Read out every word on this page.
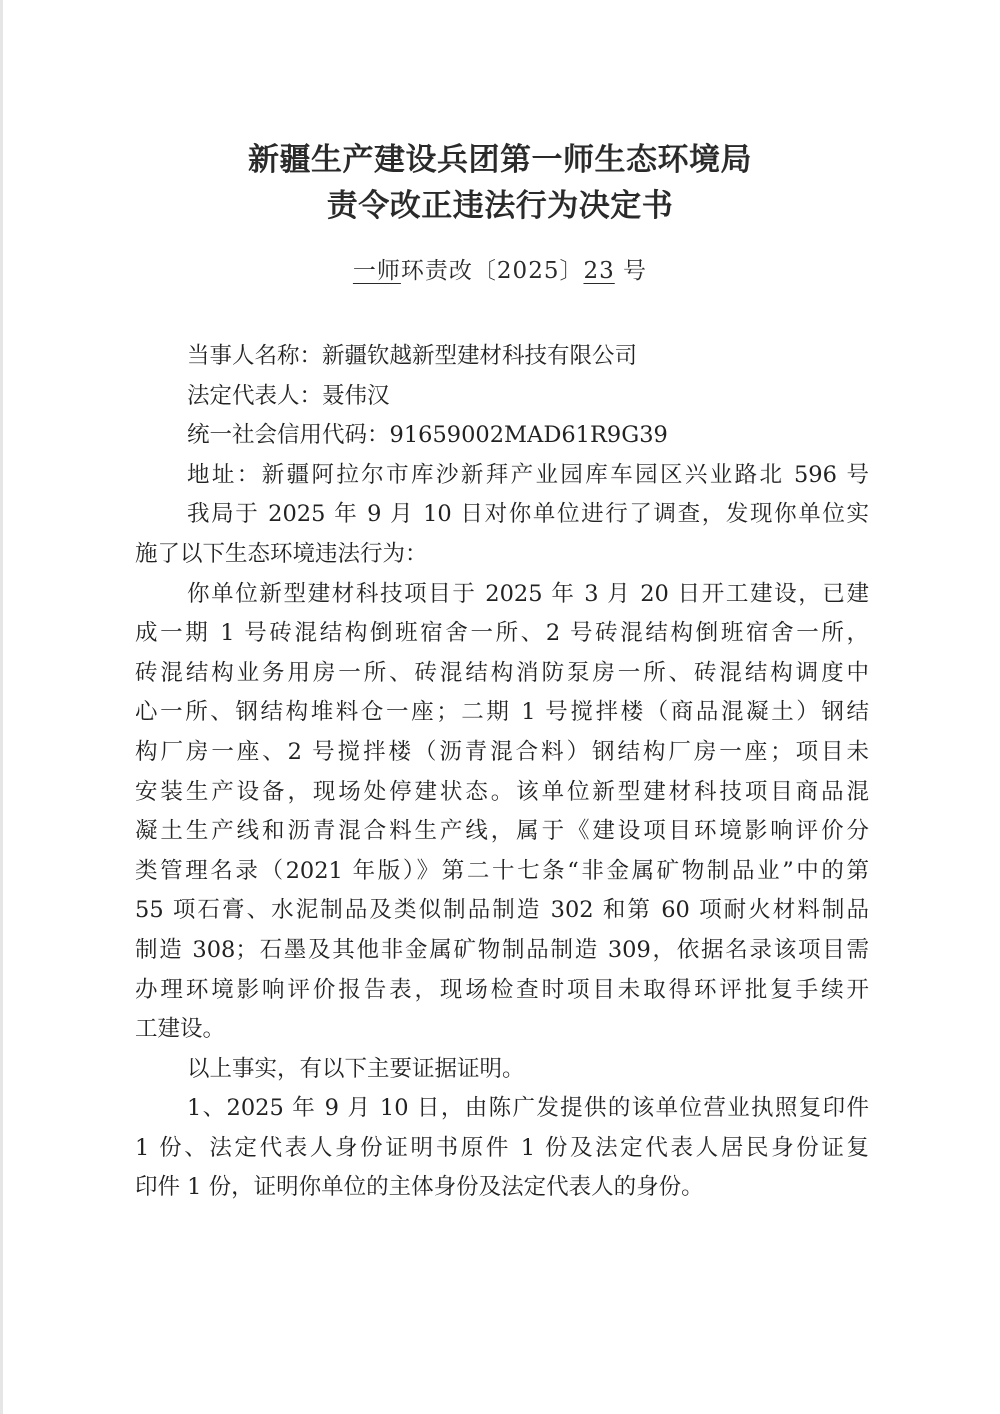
新疆生产建设兵团第一师生态环境局
责令改正违法行为决定书
一师环责改〔2025〕23 号
当事人名称：新疆钦越新型建材科技有限公司
法定代表人：聂伟汉
统一社会信用代码：91659002MAD61R9G39
地址：新疆阿拉尔市库沙新拜产业园库车园区兴业路北 596 号
我局于 2025 年 9 月 10 日对你单位进行了调查，发现你单位实
施了以下生态环境违法行为：
你单位新型建材科技项目于 2025 年 3 月 20 日开工建设，已建
成一期 1 号砖混结构倒班宿舍一所、2 号砖混结构倒班宿舍一所，
砖混结构业务用房一所、砖混结构消防泵房一所、砖混结构调度中
心一所、钢结构堆料仓一座；二期 1 号搅拌楼（商品混凝土）钢结
构厂房一座、2 号搅拌楼（沥青混合料）钢结构厂房一座；项目未
安装生产设备，现场处停建状态。该单位新型建材科技项目商品混
凝土生产线和沥青混合料生产线，属于《建设项目环境影响评价分
类管理名录（2021 年版）》第二十七条“非金属矿物制品业”中的第
55 项石膏、水泥制品及类似制品制造 302 和第 60 项耐火材料制品
制造 308；石墨及其他非金属矿物制品制造 309，依据名录该项目需
办理环境影响评价报告表，现场检查时项目未取得环评批复手续开
工建设。
以上事实，有以下主要证据证明。
1、2025 年 9 月 10 日，由陈广发提供的该单位营业执照复印件
1 份、法定代表人身份证明书原件 1 份及法定代表人居民身份证复
印件 1 份，证明你单位的主体身份及法定代表人的身份。
